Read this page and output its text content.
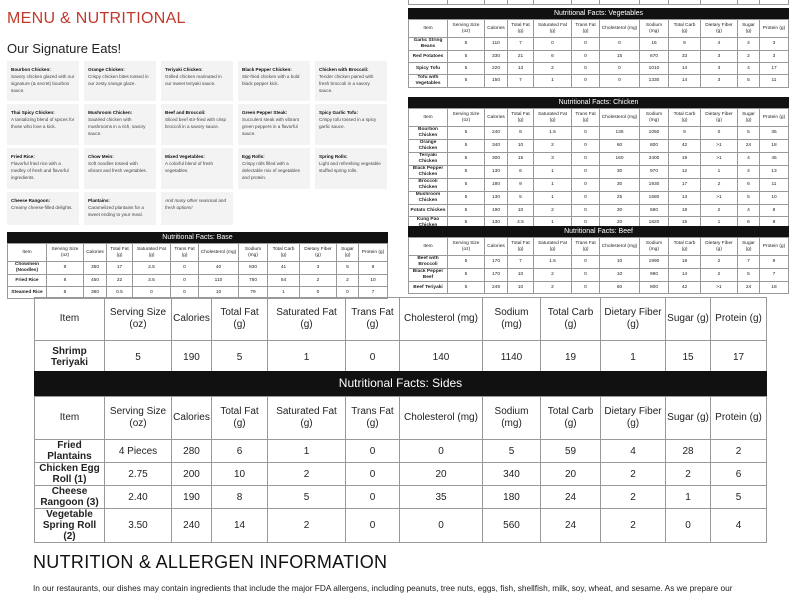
MENU & NUTRITIONAL
Our Signature Eats!
Bourbon Chicken:
Savory chicken glazed with our signature (& secret) bourbon sauce.
Orange Chicken:
Crispy chicken bites tossed in our zesty orange glaze.
Teriyaki Chicken:
Grilled chicken marinated in our sweet teriyaki sauce.
Black Pepper Chicken:
Stir-fried chicken with a bold black pepper kick.
Chicken with Broccoli:
Tender chicken paired with fresh broccoli in a savory sauce.
Thai Spicy Chicken:
A tantalizing blend of spices for those who love a kick.
Mushroom Chicken:
Sautéed chicken with mushrooms in a rich, savory sauce.
Beef and Broccoli:
Sliced beef stir-fried with crisp broccoli in a savory sauce.
Green Pepper Steak:
Succulent steak with vibrant green peppers in a flavorful sauce.
Spicy Garlic Tofu:
Crispy tofu tossed in a spicy garlic sauce.
Fried Rice:
Flavorful fried rice with a medley of fresh and flavorful ingredients.
Chow Mein:
Soft noodles tossed with vibrant and fresh vegetables.
Mixed Vegetables:
A colorful blend of fresh vegetables.
Egg Rolls:
Crispy rolls filled with a delectable mix of vegetables and protein.
Spring Rolls:
Light and refreshing vegetable stuffed spring rolls.
Cheese Rangoon:
Creamy cheese-filled delights.
Plantains:
Caramelized plantains for a sweet ending to your meal.
And many other seasonal and fresh options!

Nutritional Facts: Vegetables
Item	Serving Size (oz)	Calories	Total Fat (g)	Saturated Fat (g)	Trans Fat (g)	Cholesterol (mg)	Sodium (mg)	Total Carb (g)	Dietary Fiber (g)	Sugar (g)	Protein (g)
Garlic String Beans	5	110	7	0	0	0	16	9	4	4	3
Red Potatoes	5	330	21	6	0	15	670	33	3	2	3
Spicy Tofu	5	220	13	2	0	0	1010	14	3	4	17
Tofu with Vegetables	5	150	7	1	0	0	1330	14	3	5	11
Nutritional Facts: Chicken
Item	Serving Size (oz)	Calories	Total Fat (g)	Saturated Fat (g)	Trans Fat (g)	Cholesterol (mg)	Sodium (mg)	Total Carb (g)	Dietary Fiber (g)	Sugar (g)	Protein (g)
Bourbon Chicken	5	240	8	1.5	0	135	1050	9	0	5	35
Orange Chicken	5	340	10	2	0	60	800	42	>1	24	18
Teriyaki Chicken	5	300	15	3	0	160	3400	19	>1	4	45
Black Pepper Chicken	5	130	6	1	0	30	970	12	1	4	13
Broccoli Chicken	5	180	9	1	0	30	1930	17	2	6	11
Mushroom Chicken	5	130	5	1	0	25	1580	13	>1	5	10
Potato Chicken	5	190	10	2	0	30	680	18	2	4	8
Kung Pao	5	130	4.5	1	0	20	1820	15	1	6	8
Nutritional Facts: Beef
Item	Serving Size (oz)	Calories	Total Fat (g)	Saturated Fat (g)	Trans Fat (g)	Cholesterol (mg)	Sodium (mg)	Total Carb (g)	Dietary Fiber (g)	Sugar (g)	Protein (g)
Beef with Broccoli	5	170	7	1.5	0	10	1990	18	2	7	9
Black Pepper Beef	5	170	10	2	0	10	990	14	2	5	7
Beef Teriyaki	5	249	10	2	0	60	800	42	>1	24	18
Nutritional Facts: Base
Item	Serving Size (oz)	Calories	Total Fat (g)	Saturated Fat (g)	Trans Fat (g)	Cholesterol (mg)	Sodium (mg)	Total Carb (g)	Dietary Fiber (g)	Sugar (g)	Protein (g)
Chowmein (Noodles)	8	350	17	2.5	0	40	830	41	3	5	8
Fried Rice	8	450	22	3.5	0	110	750	54	2	2	10
Steamed Rice	8	360	0.5	0	0	10	79	1	0	0	7
Item	Serving Size (oz)	Calories	Total Fat (g)	Saturated Fat (g)	Trans Fat (g)	Cholesterol (mg)	Sodium (mg)	Total Carb (g)	Dietary Fiber (g)	Sugar (g)	Protein (g)
Shrimp Teriyaki	5	190	5	1	0	140	1140	19	1	15	17
Nutritional Facts: Sides
Item	Serving Size (oz)	Calories	Total Fat (g)	Saturated Fat (g)	Trans Fat (g)	Cholesterol (mg)	Sodium (mg)	Total Carb (g)	Dietary Fiber (g)	Sugar (g)	Protein (g)
Fried Plantains	4 Pieces	280	6	1	0	0	5	59	4	28	2
Chicken Egg Roll (1)	2.75	200	10	2	0	20	340	20	2	2	6
Cheese Rangoon (3)	2.40	190	8	5	0	35	180	24	2	1	5
Vegetable Spring Roll (2)	3.50	240	14	2	0	0	560	24	2	0	4
NUTRITION & ALLERGEN INFORMATION
In our restaurants, our dishes may contain ingredients that include the major FDA allergens, including peanuts, tree nuts, eggs, fish, shellfish, milk, soy, wheat, and sesame. As we prepare our
